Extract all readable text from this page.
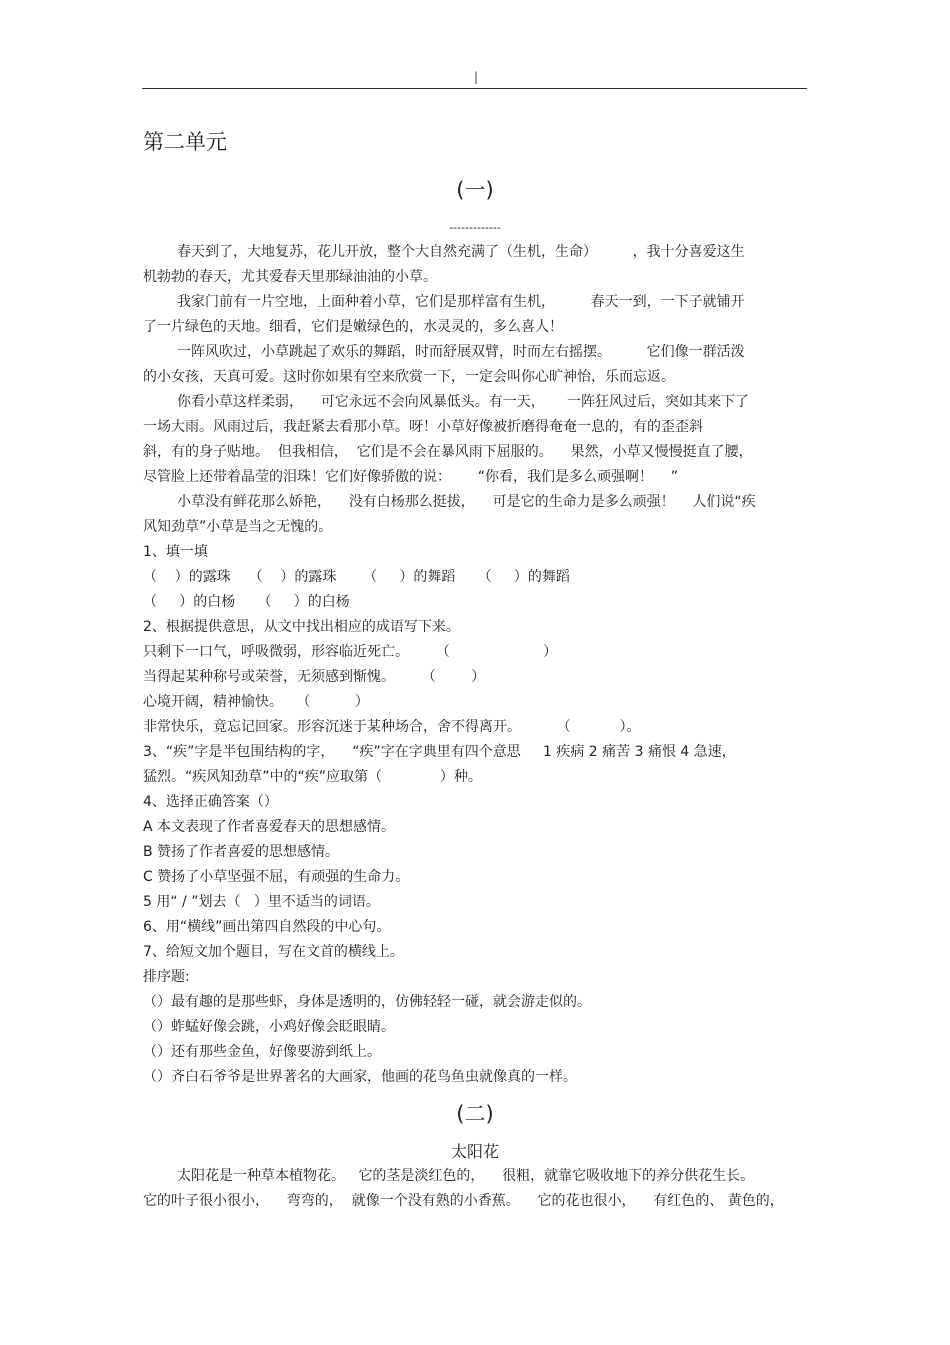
|
第二单元
(一)
-------------
春天到了，大地复苏，花儿开放，整个大自然充满了（生机，生命）        ，我十分喜爱这生
机勃勃的春天，尤其爱春天里那绿油油的小草。
我家门前有一片空地，上面种着小草，它们是那样富有生机，        春天一到，一下子就铺开
了一片绿色的天地。细看，它们是嫩绿色的，水灵灵的，多么喜人！
一阵风吹过，小草跳起了欢乐的舞蹈，时而舒展双臂，时而左右摇摆。        它们像一群活泼
的小女孩，天真可爱。这时你如果有空来欣赏一下，一定会叫你心旷神怡，乐而忘返。
你看小草这样柔弱，    可它永远不会向风暴低头。有一天，     一阵狂风过后，突如其来下了
一场大雨。风雨过后，我赶紧去看那小草。呀！小草好像被折磨得奄奄一息的，有的歪歪斜
斜，有的身子贴地。  但我相信，  它们是不会在暴风雨下屈服的。    果然，小草又慢慢挺直了腰，
尽管脸上还带着晶莹的泪珠！它们好像骄傲的说：      “你看，我们是多么顽强啊！    ”
小草没有鲜花那么娇艳，    没有白杨那么挺拔，    可是它的生命力是多么顽强！    人们说“疾
风知劲草”小草是当之无愧的。
1、填一填
（    ）的露珠    （    ）的露珠      （     ）的舞蹈     （     ）的舞蹈
（     ）的白杨     （     ）的白杨
2、根据提供意思，从文中找出相应的成语写下来。
只剩下一口气，呼吸微弱，形容临近死亡。      （                     ）
当得起某种称号或荣誉，无须感到惭愧。      （        ）
心境开阔，精神愉快。   （          ）
非常快乐，竟忘记回家。形容沉迷于某种场合，舍不得离开。        （           ）。
3、“疾”字是半包围结构的字，    “疾”字在字典里有四个意思     1 疾病 2 痛苦 3 痛恨 4 急速，
猛烈。“疾风知劲草”中的“疾”应取第（             ）种。
4、选择正确答案（）
A 本文表现了作者喜爱春天的思想感情。
B 赞扬了作者喜爱的思想感情。
C 赞扬了小草坚强不屈，有顽强的生命力。
5 用“ / ”划去（   ）里不适当的词语。
6、用“横线”画出第四自然段的中心句。
7、给短文加个题目，写在文首的横线上。
排序题:
（）最有趣的是那些虾，身体是透明的，仿佛轻轻一碰，就会游走似的。
（）蚱蜢好像会跳，小鸡好像会眨眼睛。
（）还有那些金鱼，好像要游到纸上。
（）齐白石爷爷是世界著名的大画家，他画的花鸟鱼虫就像真的一样。
(二)
太阳花
太阳花是一种草本植物花。   它的茎是淡红色的，    很粗，就靠它吸收地下的养分供花生长。
它的叶子很小很小，    弯弯的，  就像一个没有熟的小香蕉。    它的花也很小，    有红色的、 黄色的，
